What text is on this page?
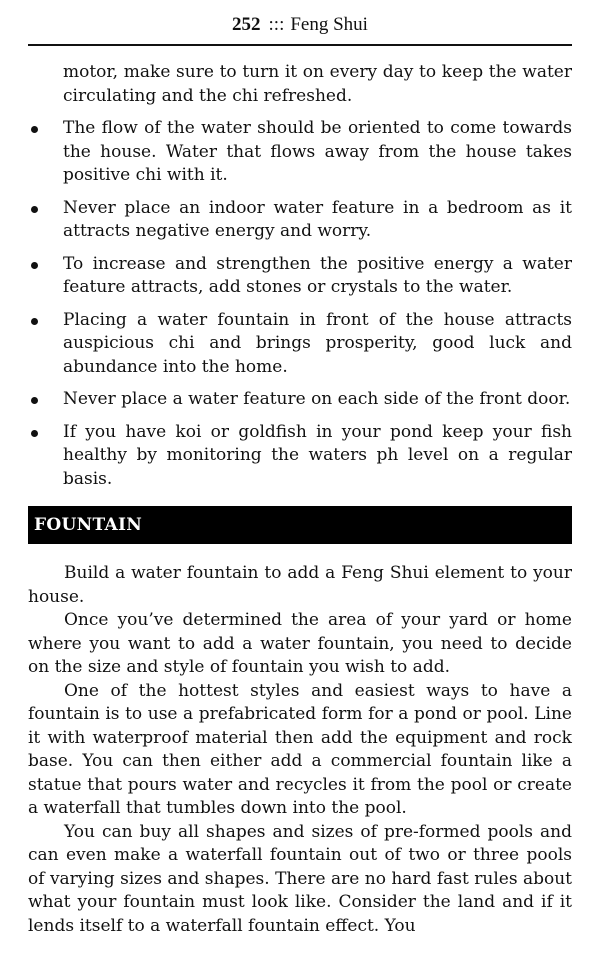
252 ::: Feng Shui

motor, make sure to turn it on every day to keep the water circulating and the chi refreshed.

The flow of the water should be oriented to come towards the house. Water that flows away from the house takes positive chi with it.
Never place an indoor water feature in a bedroom as it attracts negative energy and worry.
To increase and strengthen the positive energy a water feature attracts, add stones or crystals to the water.
Placing a water fountain in front of the house attracts auspicious chi and brings prosperity, good luck and abundance into the home.
Never place a water feature on each side of the front door.
If you have koi or goldfish in your pond keep your fish healthy by monitoring the waters ph level on a regular basis.
FOUNTAIN

Build a water fountain to add a Feng Shui element to your house.

Once you’ve determined the area of your yard or home where you want to add a water fountain, you need to decide on the size and style of fountain you wish to add.

One of the hottest styles and easiest ways to have a fountain is to use a prefabricated form for a pond or pool. Line it with waterproof material then add the equipment and rock base. You can then either add a commercial fountain like a statue that pours water and recycles it from the pool or create a waterfall that tumbles down into the pool.

You can buy all shapes and sizes of pre-formed pools and can even make a waterfall fountain out of two or three pools of varying sizes and shapes. There are no hard fast rules about what your fountain must look like. Consider the land and if it lends itself to a waterfall fountain effect. You
